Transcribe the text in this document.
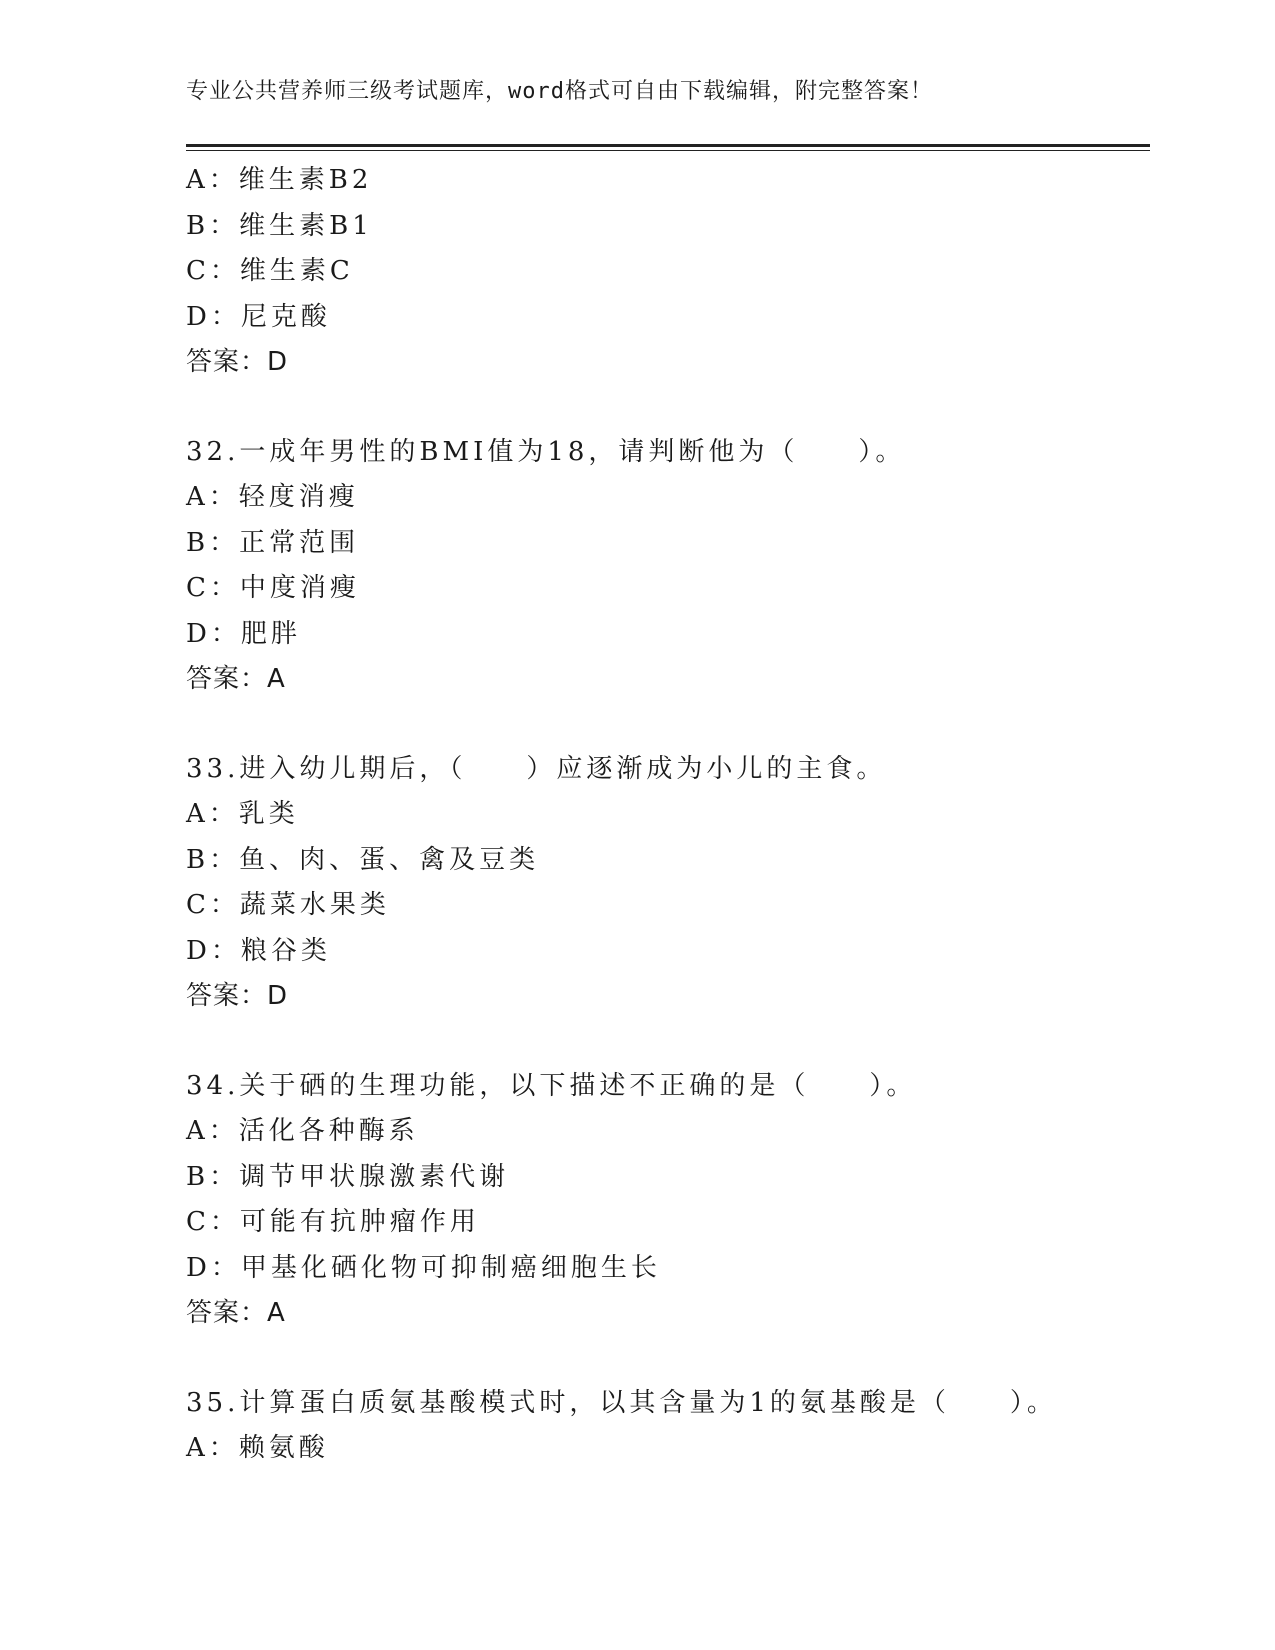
专业公共营养师三级考试题库，word格式可自由下载编辑，附完整答案！
A：维生素B2
B：维生素B1
C：维生素C
D：尼克酸
答案：D
32.一成年男性的BMI值为18，请判断他为（　　）。
A：轻度消瘦
B：正常范围
C：中度消瘦
D：肥胖
答案：A
33.进入幼儿期后，（　　）应逐渐成为小儿的主食。
A：乳类
B：鱼、肉、蛋、禽及豆类
C：蔬菜水果类
D：粮谷类
答案：D
34.关于硒的生理功能，以下描述不正确的是（　　）。
A：活化各种酶系
B：调节甲状腺激素代谢
C：可能有抗肿瘤作用
D：甲基化硒化物可抑制癌细胞生长
答案：A
35.计算蛋白质氨基酸模式时，以其含量为1的氨基酸是（　　）。
A：赖氨酸
